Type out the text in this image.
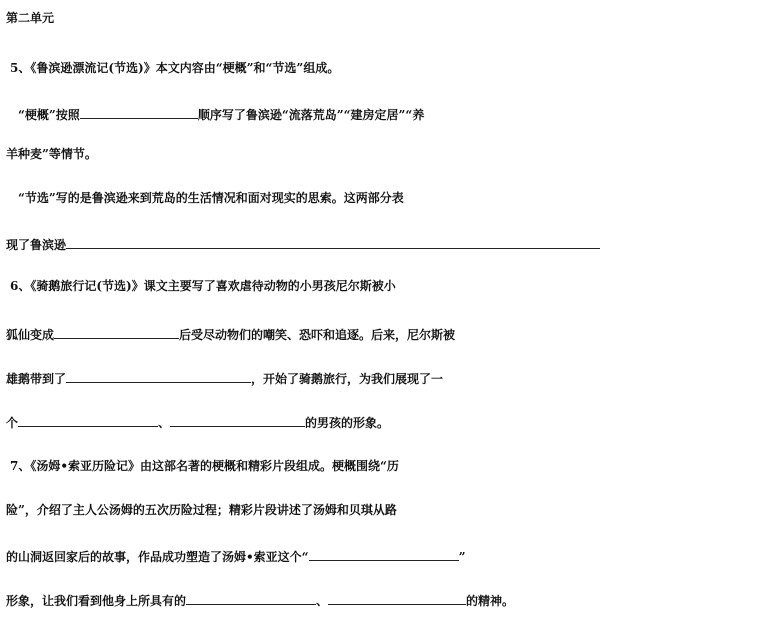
第二单元
5、《鲁滨逊漂流记(节选)》本文内容由“梗概”和“节选”组成。
“梗概”按照	顺序写了鲁滨逊“流落荒岛”“建房定居”“养
羊种麦”等情节。
“节选”写的是鲁滨逊来到荒岛的生活情况和面对现实的思索。这两部分表
现了鲁滨逊
6、《骑鹅旅行记(节选)》课文主要写了喜欢虐待动物的小男孩尼尔斯被小
狐仙变成	后受尽动物们的嘲笑、恐吓和追逐。后来，尼尔斯被
雄鹅带到了	，开始了骑鹅旅行，为我们展现了一
个	、	的男孩的形象。
7、《汤姆•索亚历险记》由这部名著的梗概和精彩片段组成。梗概围绕“历
险”，介绍了主人公汤姆的五次历险过程；精彩片段讲述了汤姆和贝琪从路
的山洞返回家后的故事，作品成功塑造了汤姆•索亚这个“	”
形象，让我们看到他身上所具有的	、	的精神。
